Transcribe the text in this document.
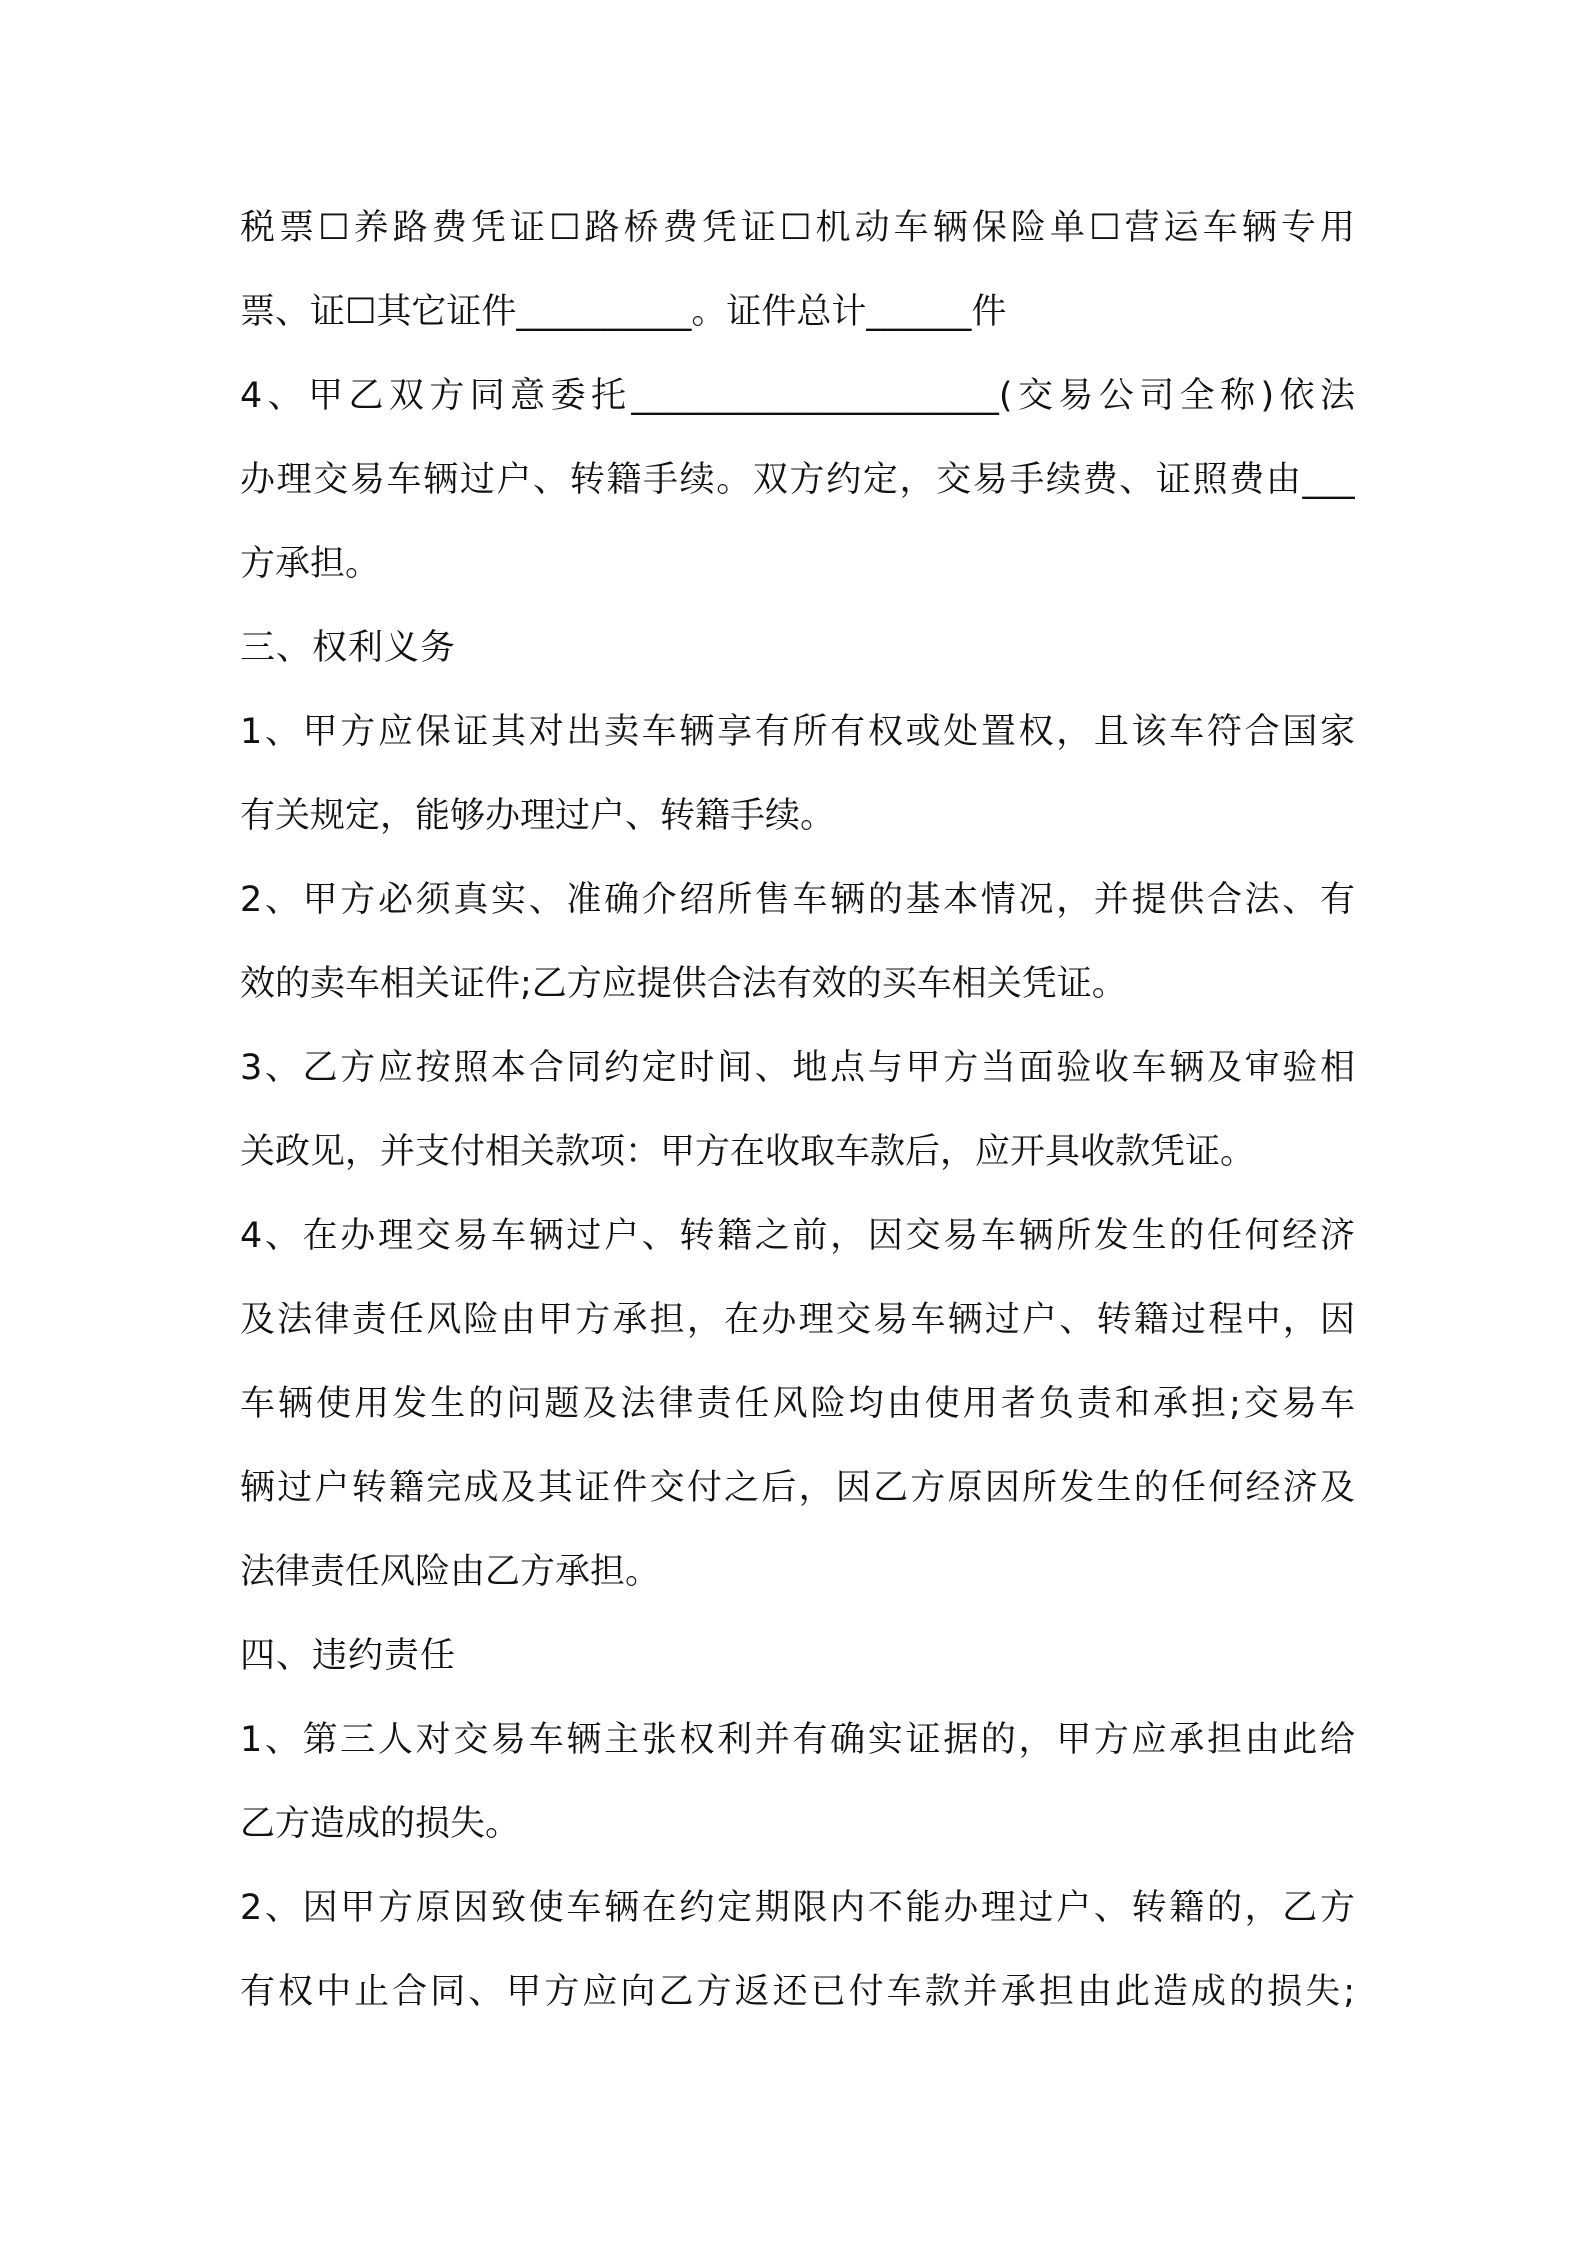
税票☐养路费凭证☐路桥费凭证☐机动车辆保险单☐营运车辆专用
票、证☐其它证件__________。证件总计______件
4、甲乙双方同意委托_____________________(交易公司全称)依法
办理交易车辆过户、转籍手续。双方约定，交易手续费、证照费由___
方承担。
三、权利义务
1、甲方应保证其对出卖车辆享有所有权或处置权，且该车符合国家
有关规定，能够办理过户、转籍手续。
2、甲方必须真实、准确介绍所售车辆的基本情况，并提供合法、有
效的卖车相关证件;乙方应提供合法有效的买车相关凭证。
3、乙方应按照本合同约定时间、地点与甲方当面验收车辆及审验相
关政见，并支付相关款项：甲方在收取车款后，应开具收款凭证。
4、在办理交易车辆过户、转籍之前，因交易车辆所发生的任何经济
及法律责任风险由甲方承担，在办理交易车辆过户、转籍过程中，因
车辆使用发生的问题及法律责任风险均由使用者负责和承担;交易车
辆过户转籍完成及其证件交付之后，因乙方原因所发生的任何经济及
法律责任风险由乙方承担。
四、违约责任
1、第三人对交易车辆主张权利并有确实证据的，甲方应承担由此给
乙方造成的损失。
2、因甲方原因致使车辆在约定期限内不能办理过户、转籍的，乙方
有权中止合同、甲方应向乙方返还已付车款并承担由此造成的损失;
